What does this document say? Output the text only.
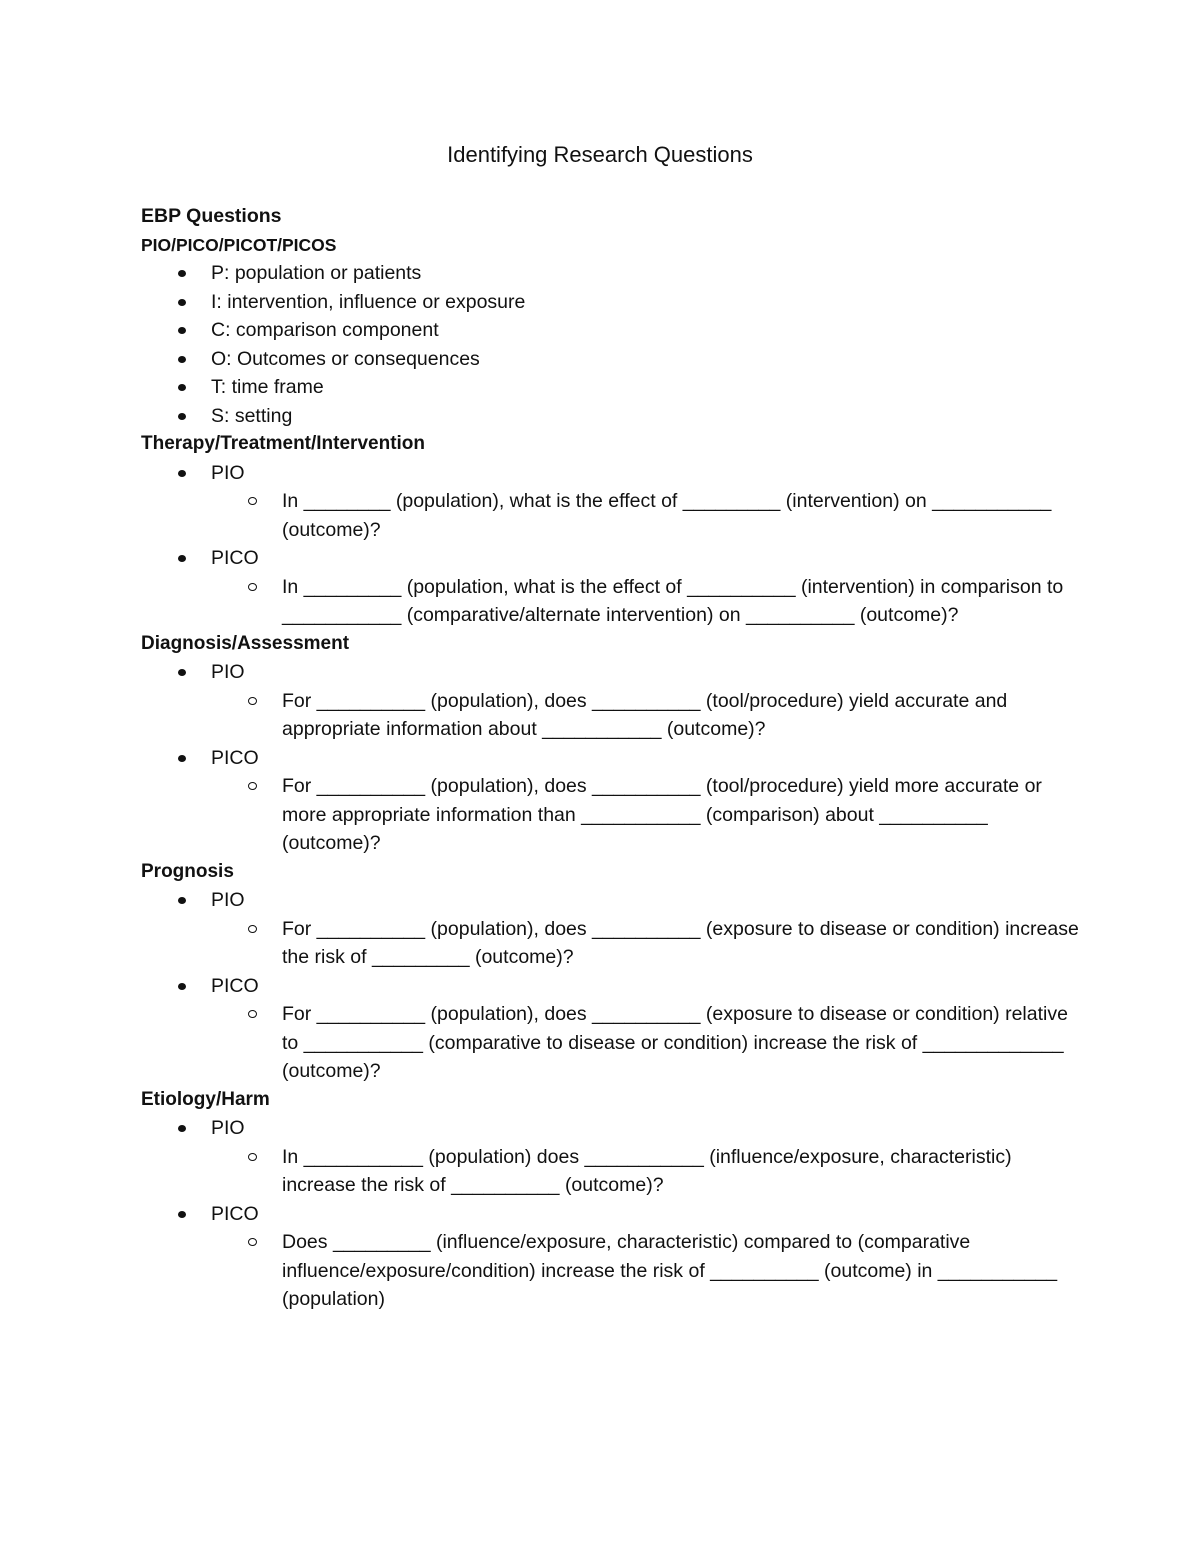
Identifying Research Questions
EBP Questions
PIO/PICO/PICOT/PICOS
P: population or patients
I: intervention, influence or exposure
C: comparison component
O: Outcomes or consequences
T: time frame
S: setting
Therapy/Treatment/Intervention
PIO
In ________ (population), what is the effect of _________ (intervention) on ___________ (outcome)?
PICO
In _________ (population, what is the effect of __________ (intervention) in comparison to ___________ (comparative/alternate intervention) on __________ (outcome)?
Diagnosis/Assessment
PIO
For __________ (population), does __________ (tool/procedure) yield accurate and appropriate information about ___________ (outcome)?
PICO
For __________ (population), does __________ (tool/procedure) yield more accurate or more appropriate information than ___________ (comparison) about __________ (outcome)?
Prognosis
PIO
For __________ (population), does __________ (exposure to disease or condition) increase the risk of _________ (outcome)?
PICO
For __________ (population), does __________ (exposure to disease or condition) relative to ___________ (comparative to disease or condition) increase the risk of _____________ (outcome)?
Etiology/Harm
PIO
In ___________ (population) does ___________ (influence/exposure, characteristic) increase the risk of __________ (outcome)?
PICO
Does _________ (influence/exposure, characteristic) compared to (comparative influence/exposure/condition) increase the risk of __________ (outcome) in ___________ (population)
